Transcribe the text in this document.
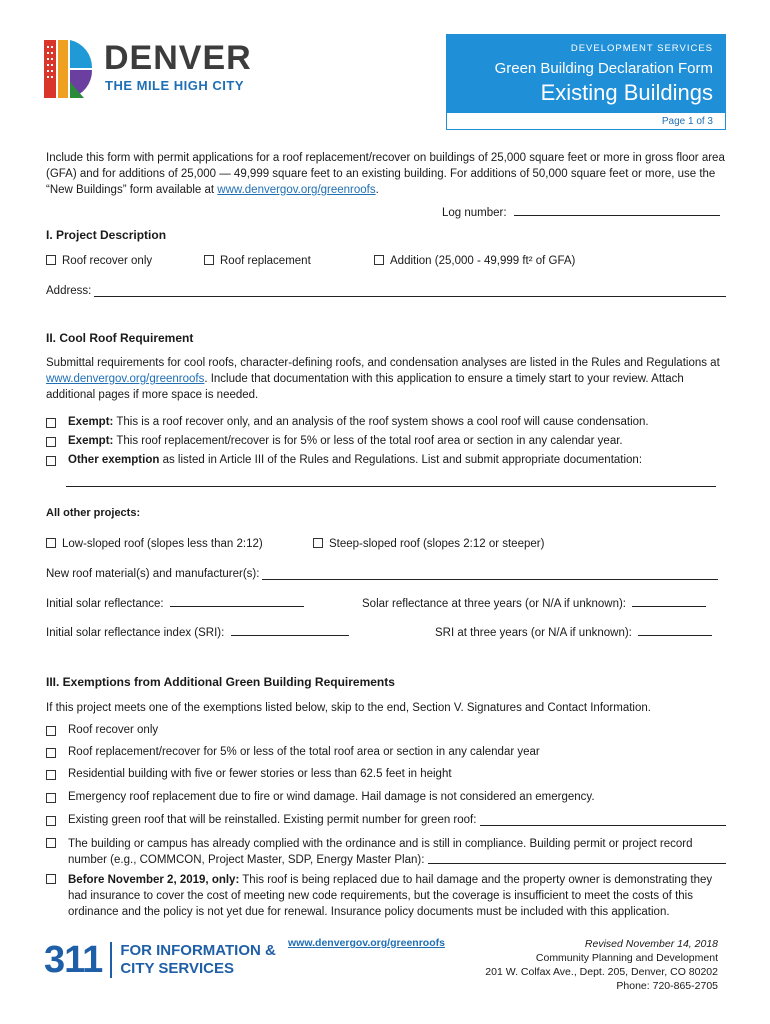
DENVER
THE MILE HIGH CITY
DEVELOPMENT SERVICES
Green Building Declaration Form
Existing Buildings
Page 1 of 3
Include this form with permit applications for a roof replacement/recover on buildings of 25,000 square feet or more in gross floor area (GFA) and for additions of 25,000 — 49,999 square feet to an existing building. For additions of 50,000 square feet or more, use the “New Buildings” form available at www.denvergov.org/greenroofs.
Log number:
I. Project Description
Roof recover only	Roof replacement	Addition (25,000 - 49,999 ft² of GFA)
Address:
II. Cool Roof Requirement
Submittal requirements for cool roofs, character-defining roofs, and condensation analyses are listed in the Rules and Regulations at www.denvergov.org/greenroofs. Include that documentation with this application to ensure a timely start to your review. Attach additional pages if more space is needed.
Exempt: This is a roof recover only, and an analysis of the roof system shows a cool roof will cause condensation.
Exempt: This roof replacement/recover is for 5% or less of the total roof area or section in any calendar year.
Other exemption as listed in Article III of the Rules and Regulations. List and submit appropriate documentation:
All other projects:
Low-sloped roof (slopes less than 2:12)	Steep-sloped roof (slopes 2:12 or steeper)
New roof material(s) and manufacturer(s):
Initial solar reflectance:	Solar reflectance at three years (or N/A if unknown):
Initial solar reflectance index (SRI):	SRI at three years (or N/A if unknown):
III. Exemptions from Additional Green Building Requirements
If this project meets one of the exemptions listed below, skip to the end, Section V. Signatures and Contact Information.
Roof recover only
Roof replacement/recover for 5% or less of the total roof area or section in any calendar year
Residential building with five or fewer stories or less than 62.5 feet in height
Emergency roof replacement due to fire or wind damage. Hail damage is not considered an emergency.
Existing green roof that will be reinstalled. Existing permit number for green roof:
The building or campus has already complied with the ordinance and is still in compliance. Building permit or project record
number (e.g., COMMCON, Project Master, SDP, Energy Master Plan):
Before November 2, 2019, only: This roof is being replaced due to hail damage and the property owner is demonstrating they had insurance to cover the cost of meeting new code requirements, but the coverage is insufficient to meet the costs of this ordinance and the policy is not yet due for renewal. Insurance policy documents must be included with this application.
311 FOR INFORMATION &
CITY SERVICES
www.denvergov.org/greenroofs	Revised November 14, 2018
Community Planning and Development
201 W. Colfax Ave., Dept. 205, Denver, CO 80202
Phone: 720-865-2705
